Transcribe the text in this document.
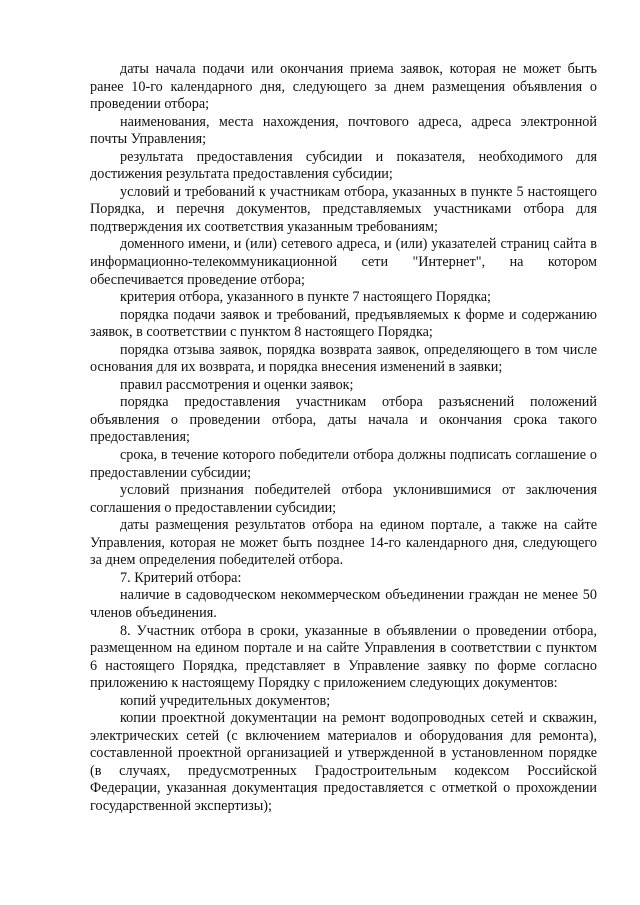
даты начала подачи или окончания приема заявок, которая не может быть ранее 10-го календарного дня, следующего за днем размещения объявления о проведении отбора;

наименования, места нахождения, почтового адреса, адреса электронной почты Управления;

результата предоставления субсидии и показателя, необходимого для достижения результата предоставления субсидии;

условий и требований к участникам отбора, указанных в пункте 5 настоящего Порядка, и перечня документов, представляемых участниками отбора для подтверждения их соответствия указанным требованиям;

доменного имени, и (или) сетевого адреса, и (или) указателей страниц сайта в информационно-телекоммуникационной сети "Интернет", на котором обеспечивается проведение отбора;

критерия отбора, указанного в пункте 7 настоящего Порядка;

порядка подачи заявок и требований, предъявляемых к форме и содержанию заявок, в соответствии с пунктом 8 настоящего Порядка;

порядка отзыва заявок, порядка возврата заявок, определяющего в том числе основания для их возврата, и порядка внесения изменений в заявки;

правил рассмотрения и оценки заявок;

порядка предоставления участникам отбора разъяснений положений объявления о проведении отбора, даты начала и окончания срока такого предоставления;

срока, в течение которого победители отбора должны подписать соглашение о предоставлении субсидии;

условий признания победителей отбора уклонившимися от заключения соглашения о предоставлении субсидии;

даты размещения результатов отбора на едином портале, а также на сайте Управления, которая не может быть позднее 14-го календарного дня, следующего за днем определения победителей отбора.

7. Критерий отбора:

наличие в садоводческом некоммерческом объединении граждан не менее 50 членов объединения.

8. Участник отбора в сроки, указанные в объявлении о проведении отбора, размещенном на едином портале и на сайте Управления в соответствии с пунктом 6 настоящего Порядка, представляет в Управление заявку по форме согласно приложению к настоящему Порядку с приложением следующих документов:

копий учредительных документов;

копии проектной документации на ремонт водопроводных сетей и скважин, электрических сетей (с включением материалов и оборудования для ремонта), составленной проектной организацией и утвержденной в установленном порядке (в случаях, предусмотренных Градостроительным кодексом Российской Федерации, указанная документация предоставляется с отметкой о прохождении государственной экспертизы);
